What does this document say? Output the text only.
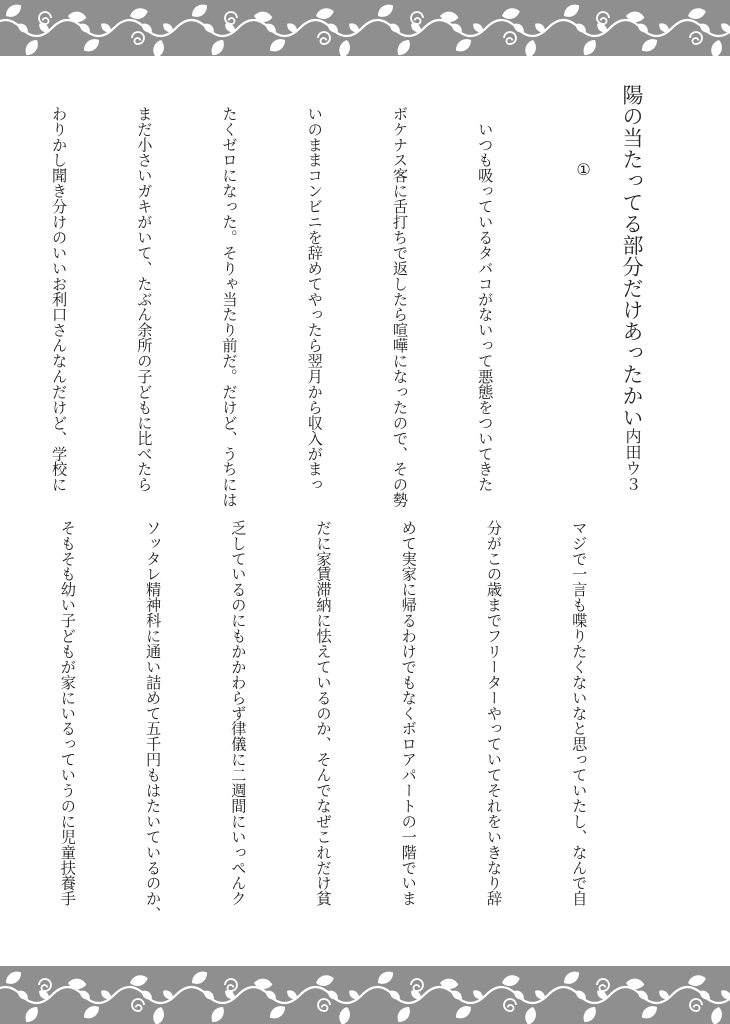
陽の当たってる部分だけあったかい
内田ウ３
①

　いつも吸っているタバコがないって悪態をついてきた

ボケナス客に舌打ちで返したら喧嘩になったので、その勢

いのままコンビニを辞めてやったら翌月から収入がまっ

たくゼロになった。そりゃ当たり前だ。だけど、うちには

まだ小さいガキがいて、たぶん余所の子どもに比べたら

わりかし聞き分けのいいお利口さんなんだけど、学校に

マジで一言も喋りたくないなと思っていたし、なんで自

分がこの歳までフリーターやっていてそれをいきなり辞

めて実家に帰るわけでもなくボロアパートの一階でいま

だに家賃滞納に怯えているのか、そんでなぜこれだけ貧

乏しているのにもかかわらず律儀に二週間にいっぺんク

ソッタレ精神科に通い詰めて五千円もはたいているのか、

そもそも幼い子どもが家にいるっていうのに児童扶養手
